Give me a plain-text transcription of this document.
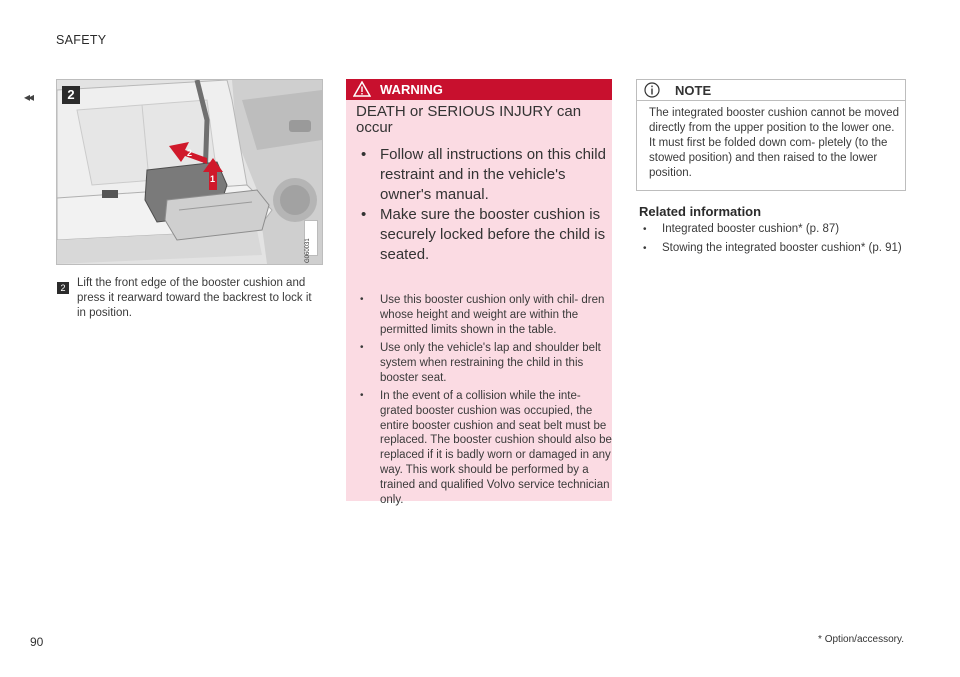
SAFETY
◂◂
2
1
2
G060031
2	Lift the front edge of the booster cushion and press it rearward toward the backrest to lock it in position.
WARNING
DEATH or SERIOUS INJURY can occur
• Follow all instructions on this child restraint and in the vehicle's owner's manual.
• Make sure the booster cushion is securely locked before the child is seated.
• Use this booster cushion only with chil- dren whose height and weight are within the permitted limits shown in the table.
• Use only the vehicle's lap and shoulder belt system when restraining the child in this booster seat.
• In the event of a collision while the inte- grated booster cushion was occupied, the entire booster cushion and seat belt must be replaced. The booster cushion should also be replaced if it is badly worn or damaged in any way. This work should be performed by a trained and qualified Volvo service technician only.
NOTE
The integrated booster cushion cannot be moved directly from the upper position to the lower one. It must first be folded down com- pletely (to the stowed position) and then raised to the lower position.
Related information
• Integrated booster cushion* (p. 87)
• Stowing the integrated booster cushion* (p. 91)
90	* Option/accessory.
